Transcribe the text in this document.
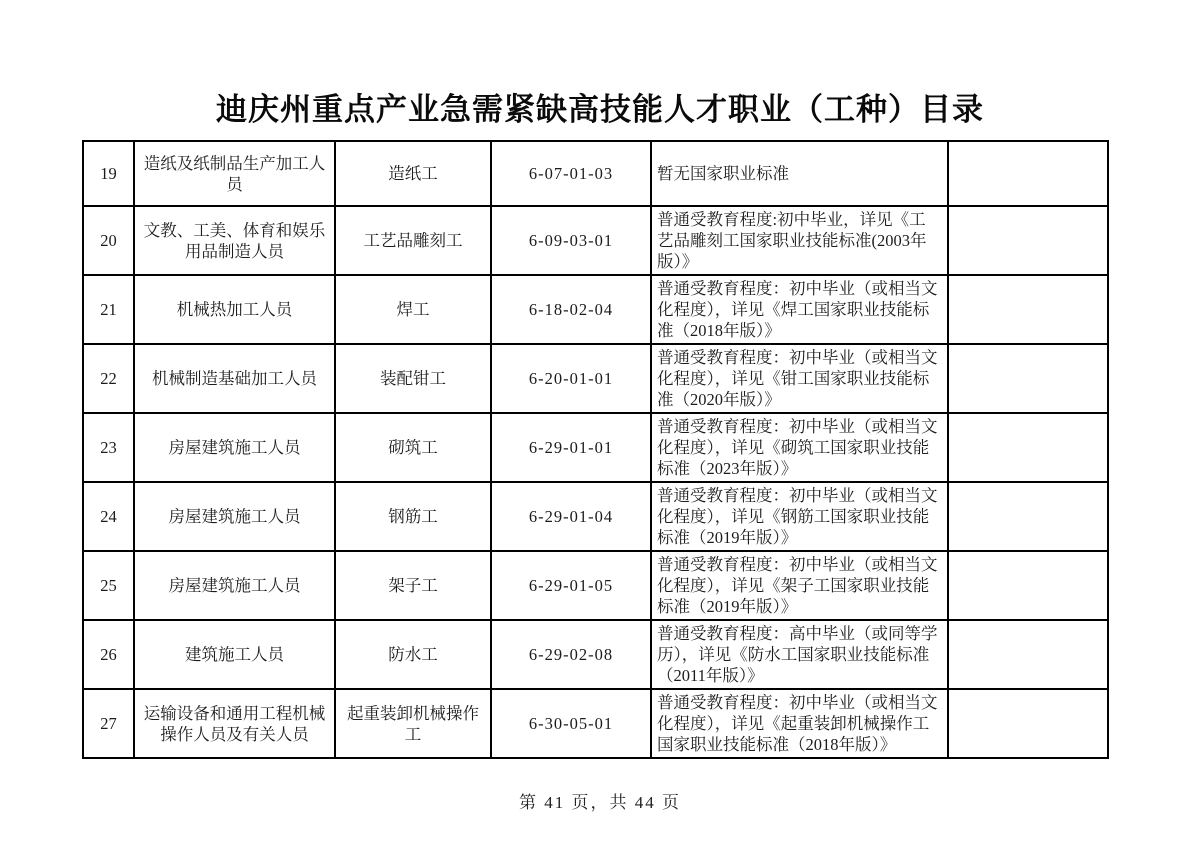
迪庆州重点产业急需紧缺高技能人才职业（工种）目录
19	造纸及纸制品生产加工人员	造纸工	6-07-01-03	暂无国家职业标准	
20	文教、工美、体育和娱乐用品制造人员	工艺品雕刻工	6-09-03-01	普通受教育程度:初中毕业，详见《工艺品雕刻工国家职业技能标准(2003年版）》	
21	机械热加工人员	焊工	6-18-02-04	普通受教育程度：初中毕业（或相当文化程度），详见《焊工国家职业技能标准（2018年版）》	
22	机械制造基础加工人员	装配钳工	6-20-01-01	普通受教育程度：初中毕业（或相当文化程度），详见《钳工国家职业技能标准（2020年版）》	
23	房屋建筑施工人员	砌筑工	6-29-01-01	普通受教育程度：初中毕业（或相当文化程度），详见《砌筑工国家职业技能标准（2023年版）》	
24	房屋建筑施工人员	钢筋工	6-29-01-04	普通受教育程度：初中毕业（或相当文化程度），详见《钢筋工国家职业技能标准（2019年版）》	
25	房屋建筑施工人员	架子工	6-29-01-05	普通受教育程度：初中毕业（或相当文化程度），详见《架子工国家职业技能标准（2019年版）》	
26	建筑施工人员	防水工	6-29-02-08	普通受教育程度：高中毕业（或同等学历），详见《防水工国家职业技能标准（2011年版）》	
27	运输设备和通用工程机械操作人员及有关人员	起重装卸机械操作工	6-30-05-01	普通受教育程度：初中毕业（或相当文化程度），详见《起重装卸机械操作工国家职业技能标准（2018年版）》	
第 41 页，共 44 页
